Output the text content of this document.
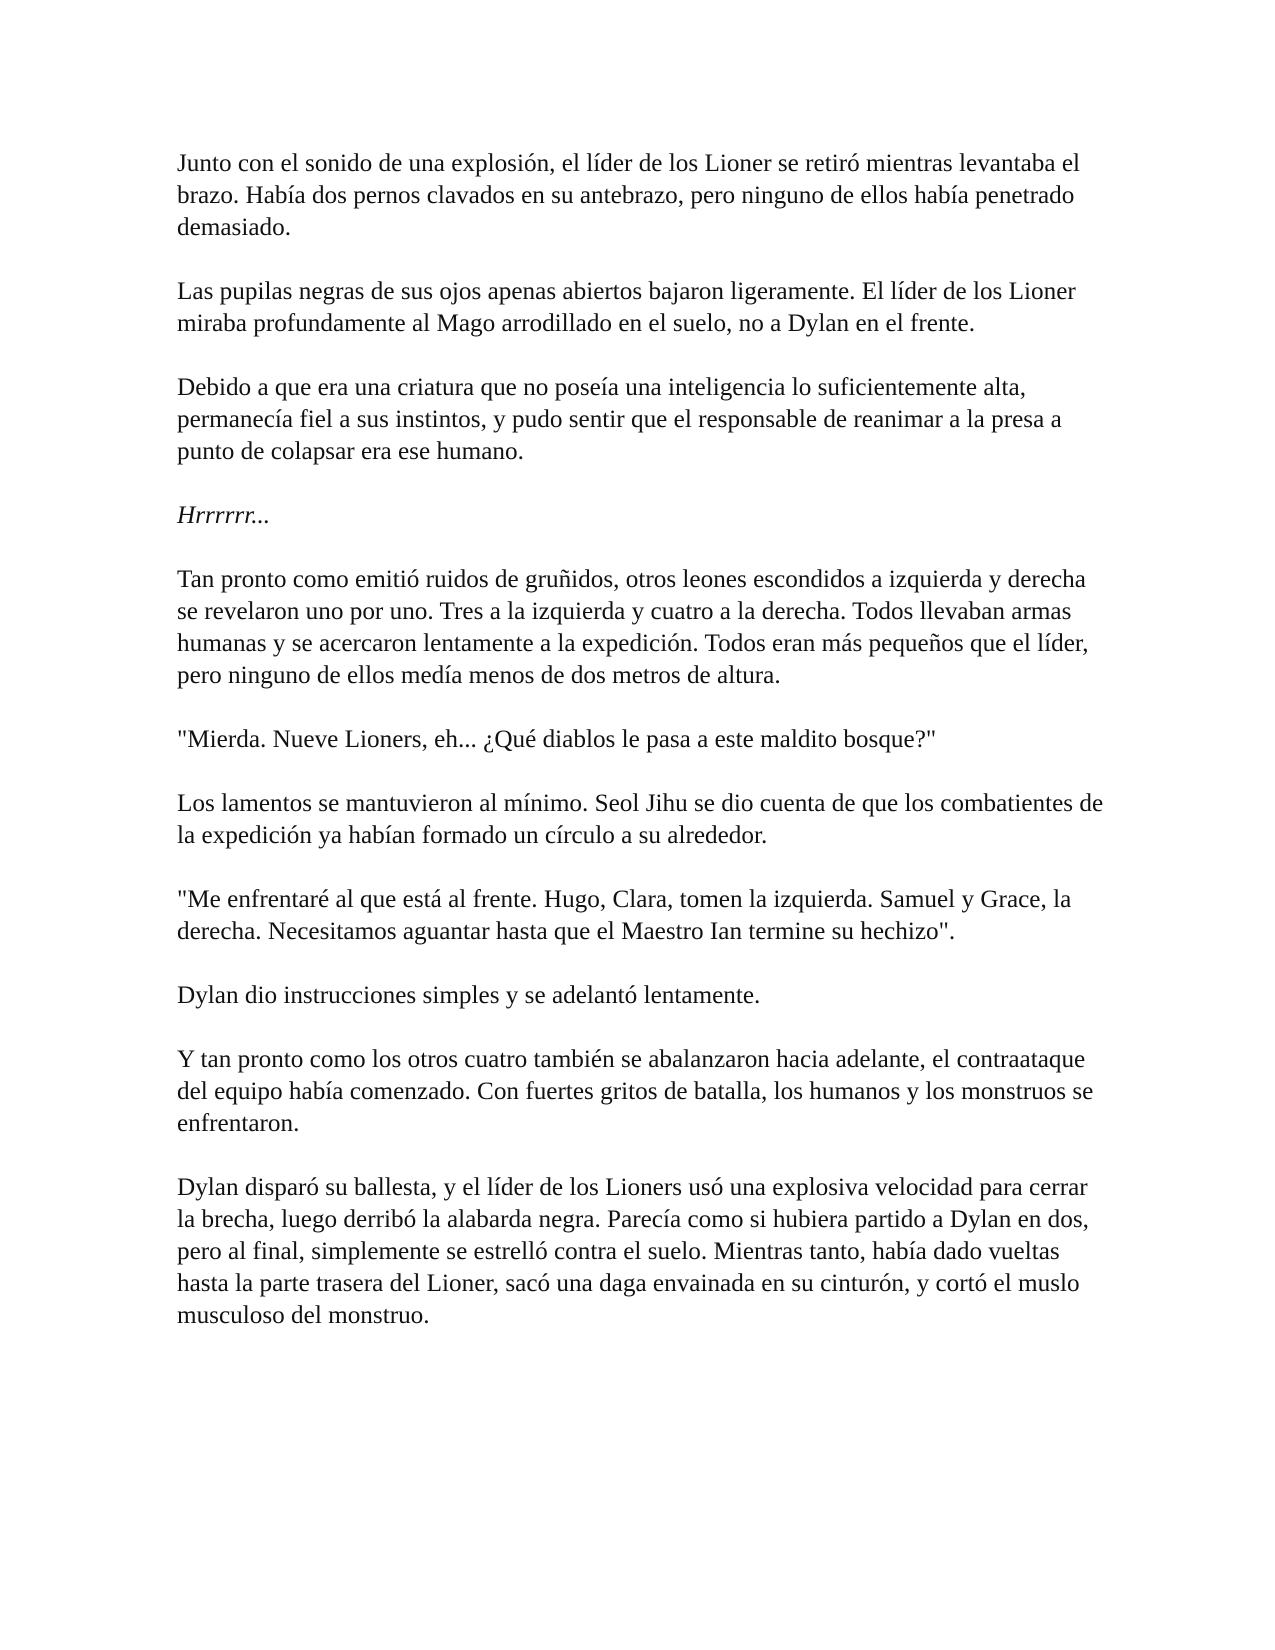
Junto con el sonido de una explosión, el líder de los Lioner se retiró mientras levantaba el brazo. Había dos pernos clavados en su antebrazo, pero ninguno de ellos había penetrado demasiado.

Las pupilas negras de sus ojos apenas abiertos bajaron ligeramente. El líder de los Lioner miraba profundamente al Mago arrodillado en el suelo, no a Dylan en el frente.

Debido a que era una criatura que no poseía una inteligencia lo suficientemente alta, permanecía fiel a sus instintos, y pudo sentir que el responsable de reanimar a la presa a punto de colapsar era ese humano.

Hrrrrrr...

Tan pronto como emitió ruidos de gruñidos, otros leones escondidos a izquierda y derecha se revelaron uno por uno. Tres a la izquierda y cuatro a la derecha. Todos llevaban armas humanas y se acercaron lentamente a la expedición. Todos eran más pequeños que el líder, pero ninguno de ellos medía menos de dos metros de altura.

"Mierda. Nueve Lioners, eh... ¿Qué diablos le pasa a este maldito bosque?"

Los lamentos se mantuvieron al mínimo. Seol Jihu se dio cuenta de que los combatientes de la expedición ya habían formado un círculo a su alrededor.

"Me enfrentaré al que está al frente. Hugo, Clara, tomen la izquierda. Samuel y Grace, la derecha. Necesitamos aguantar hasta que el Maestro Ian termine su hechizo".

Dylan dio instrucciones simples y se adelantó lentamente.

Y tan pronto como los otros cuatro también se abalanzaron hacia adelante, el contraataque del equipo había comenzado. Con fuertes gritos de batalla, los humanos y los monstruos se enfrentaron.

Dylan disparó su ballesta, y el líder de los Lioners usó una explosiva velocidad para cerrar la brecha, luego derribó la alabarda negra. Parecía como si hubiera partido a Dylan en dos, pero al final, simplemente se estrelló contra el suelo. Mientras tanto, había dado vueltas hasta la parte trasera del Lioner, sacó una daga envainada en su cinturón, y cortó el muslo musculoso del monstruo.
